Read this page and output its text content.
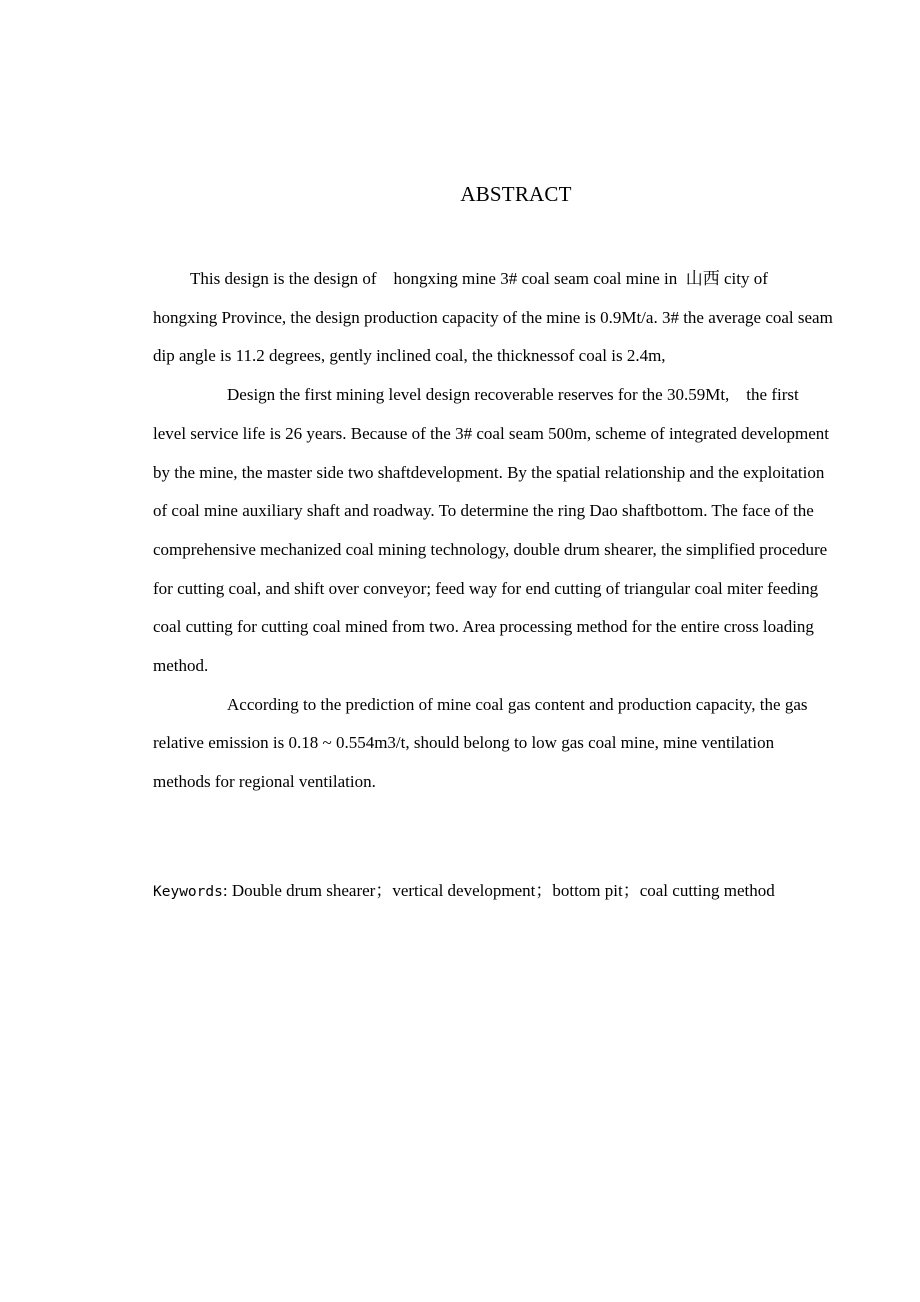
ABSTRACT

This design is the design of    hongxing mine 3# coal seam coal mine in  山西 city of hongxing Province, the design production capacity of the mine is 0.9Mt/a. 3# the average coal seam dip angle is 11.2 degrees, gently inclined coal, the thicknessof coal is 2.4m,

Design the first mining level design recoverable reserves for the 30.59Mt,    the first level service life is 26 years. Because of the 3# coal seam 500m, scheme of integrated development by the mine, the master side two shaftdevelopment. By the spatial relationship and the exploitation of coal mine auxiliary shaft and roadway. To determine the ring Dao shaftbottom. The face of the comprehensive mechanized coal mining technology, double drum shearer, the simplified procedure for cutting coal, and shift over conveyor; feed way for end cutting of triangular coal miter feeding coal cutting for cutting coal mined from two. Area processing method for the entire cross loading method.

According to the prediction of mine coal gas content and production capacity, the gas relative emission is 0.18 ~ 0.554m3/t, should belong to low gas coal mine, mine ventilation methods for regional ventilation.

Keywords: Double drum shearer；vertical development；bottom pit；coal cutting method
